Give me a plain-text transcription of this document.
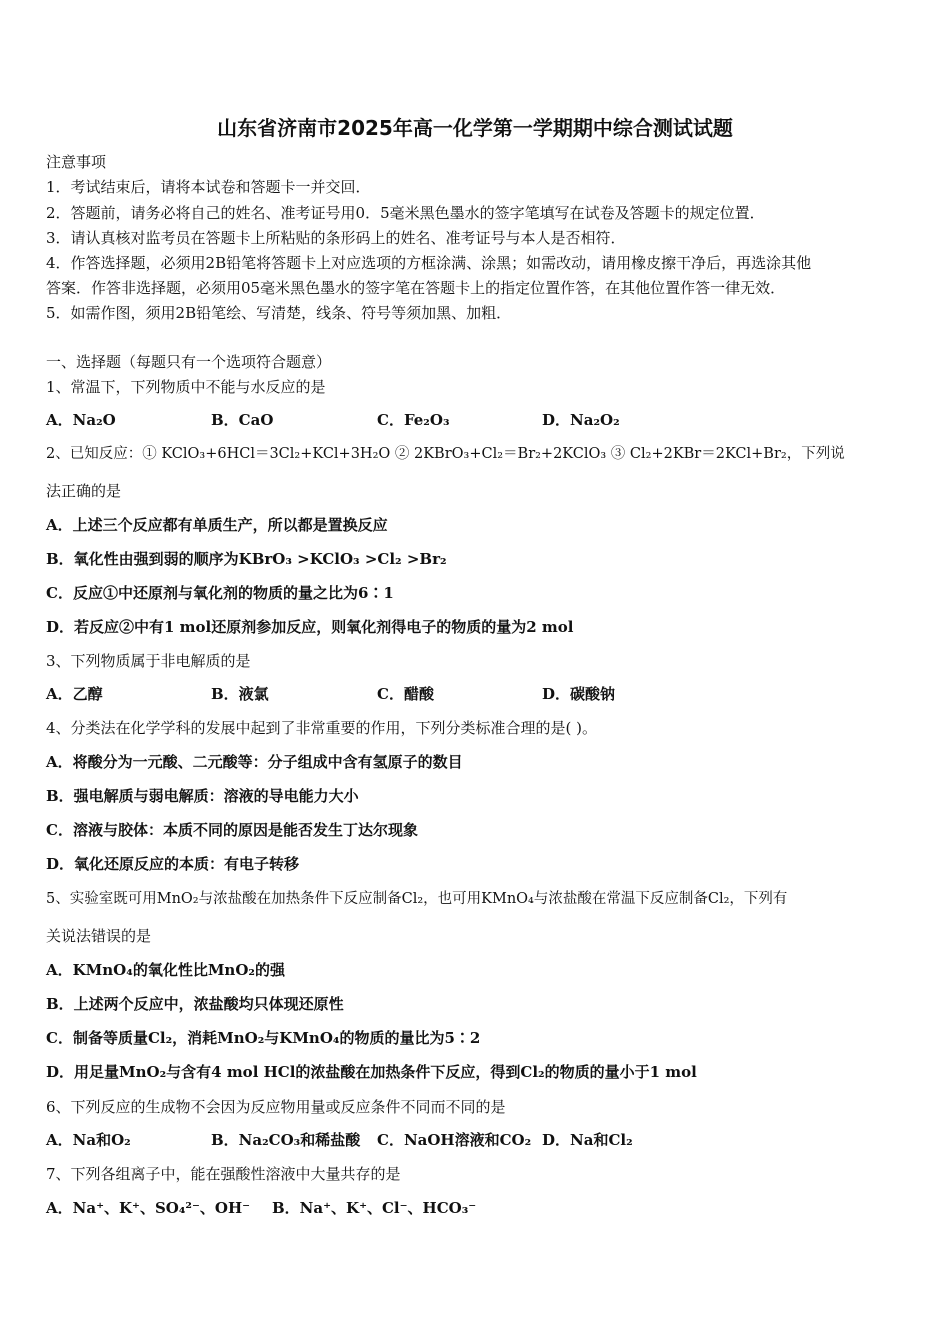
山东省济南市2025年高一化学第一学期期中综合测试试题
注意事项
1．考试结束后，请将本试卷和答题卡一并交回．
2．答题前，请务必将自己的姓名、准考证号用0．5毫米黑色墨水的签字笔填写在试卷及答题卡的规定位置．
3．请认真核对监考员在答题卡上所粘贴的条形码上的姓名、准考证号与本人是否相符．
4．作答选择题，必须用2B铅笔将答题卡上对应选项的方框涂满、涂黑；如需改动，请用橡皮擦干净后，再选涂其他
答案．作答非选择题，必须用05毫米黑色墨水的签字笔在答题卡上的指定位置作答，在其他位置作答一律无效．
5．如需作图，须用2B铅笔绘、写清楚，线条、符号等须加黑、加粗．
一、选择题（每题只有一个选项符合题意）
1、常温下，下列物质中不能与水反应的是
A．Na₂O	B．CaO	C．Fe₂O₃	D．Na₂O₂
2、已知反应：① KClO₃+6HCl＝3Cl₂+KCl+3H₂O ② 2KBrO₃+Cl₂＝Br₂+2KClO₃ ③ Cl₂+2KBr＝2KCl+Br₂，下列说
法正确的是
A．上述三个反应都有单质生产，所以都是置换反应
B．氧化性由强到弱的顺序为KBrO₃ >KClO₃ >Cl₂ >Br₂
C．反应①中还原剂与氧化剂的物质的量之比为6∶1
D．若反应②中有1 mol还原剂参加反应，则氧化剂得电子的物质的量为2 mol
3、下列物质属于非电解质的是
A．乙醇	B．液氯	C．醋酸	D．碳酸钠
4、分类法在化学学科的发展中起到了非常重要的作用，下列分类标准合理的是( )。
A．将酸分为一元酸、二元酸等：分子组成中含有氢原子的数目
B．强电解质与弱电解质：溶液的导电能力大小
C．溶液与胶体：本质不同的原因是能否发生丁达尔现象
D．氧化还原反应的本质：有电子转移
5、实验室既可用MnO₂与浓盐酸在加热条件下反应制备Cl₂，也可用KMnO₄与浓盐酸在常温下反应制备Cl₂，下列有
关说法错误的是
A．KMnO₄的氧化性比MnO₂的强
B．上述两个反应中，浓盐酸均只体现还原性
C．制备等质量Cl₂，消耗MnO₂与KMnO₄的物质的量比为5∶2
D．用足量MnO₂与含有4 mol HCl的浓盐酸在加热条件下反应，得到Cl₂的物质的量小于1 mol
6、下列反应的生成物不会因为反应物用量或反应条件不同而不同的是
A．Na和O₂	B．Na₂CO₃和稀盐酸 C．NaOH溶液和CO₂ D．Na和Cl₂
7、下列各组离子中，能在强酸性溶液中大量共存的是
A．Na⁺、K⁺、SO₄²⁻、OH⁻ B．Na⁺、K⁺、Cl⁻、HCO₃⁻
